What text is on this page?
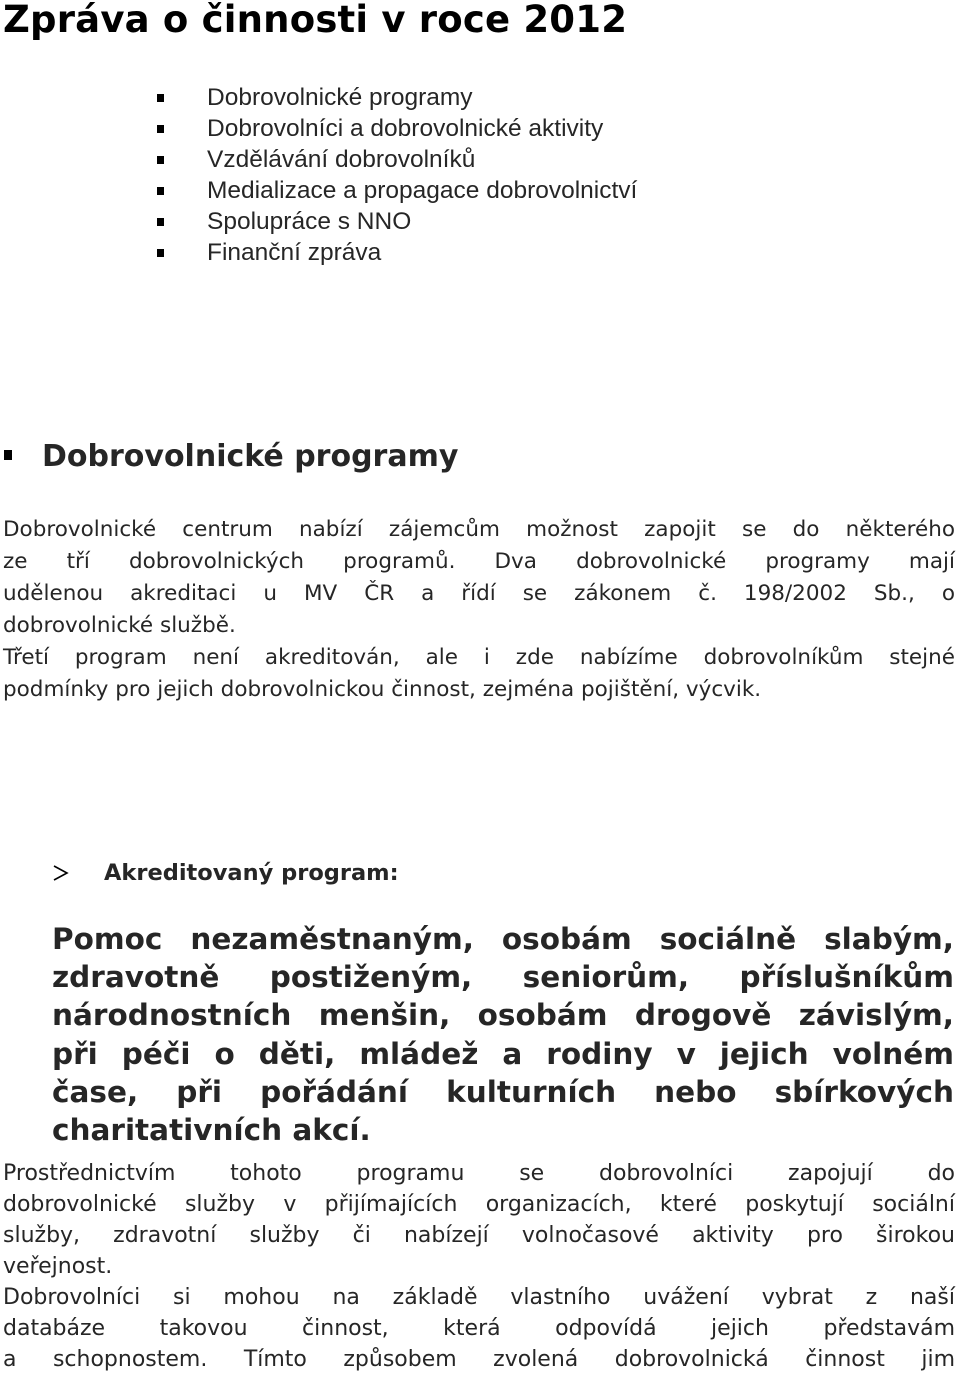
Zpráva o činnosti v roce 2012
Dobrovolnické programy
Dobrovolníci a dobrovolnické aktivity
Vzdělávání dobrovolníků
Medializace a propagace dobrovolnictví
Spolupráce s NNO
Finanční zpráva
Dobrovolnické programy
Dobrovolnické centrum nabízí zájemcům možnost zapojit se do některého
ze tří dobrovolnických programů. Dva dobrovolnické programy mají
udělenou akreditaci u MV ČR a řídí se zákonem č. 198/2002 Sb., o
dobrovolnické službě.
Třetí program není akreditován, ale i zde nabízíme dobrovolníkům stejné
podmínky pro jejich dobrovolnickou činnost, zejména pojištění, výcvik.
Akreditovaný program:
Pomoc nezaměstnaným, osobám sociálně slabým,
zdravotně postiženým, seniorům, příslušníkům
národnostních menšin, osobám drogově závislým,
při péči o děti, mládež a rodiny v jejich volném
čase, při pořádání kulturních nebo sbírkových
charitativních akcí.
Prostřednictvím tohoto programu se dobrovolníci zapojují do
dobrovolnické služby v přijímajících organizacích, které poskytují sociální
služby, zdravotní služby či nabízejí volnočasové aktivity pro širokou
veřejnost.
Dobrovolníci si mohou na základě vlastního uvážení vybrat z naší
databáze takovou činnost, která odpovídá jejich představám
a schopnostem. Tímto způsobem zvolená dobrovolnická činnost jim
